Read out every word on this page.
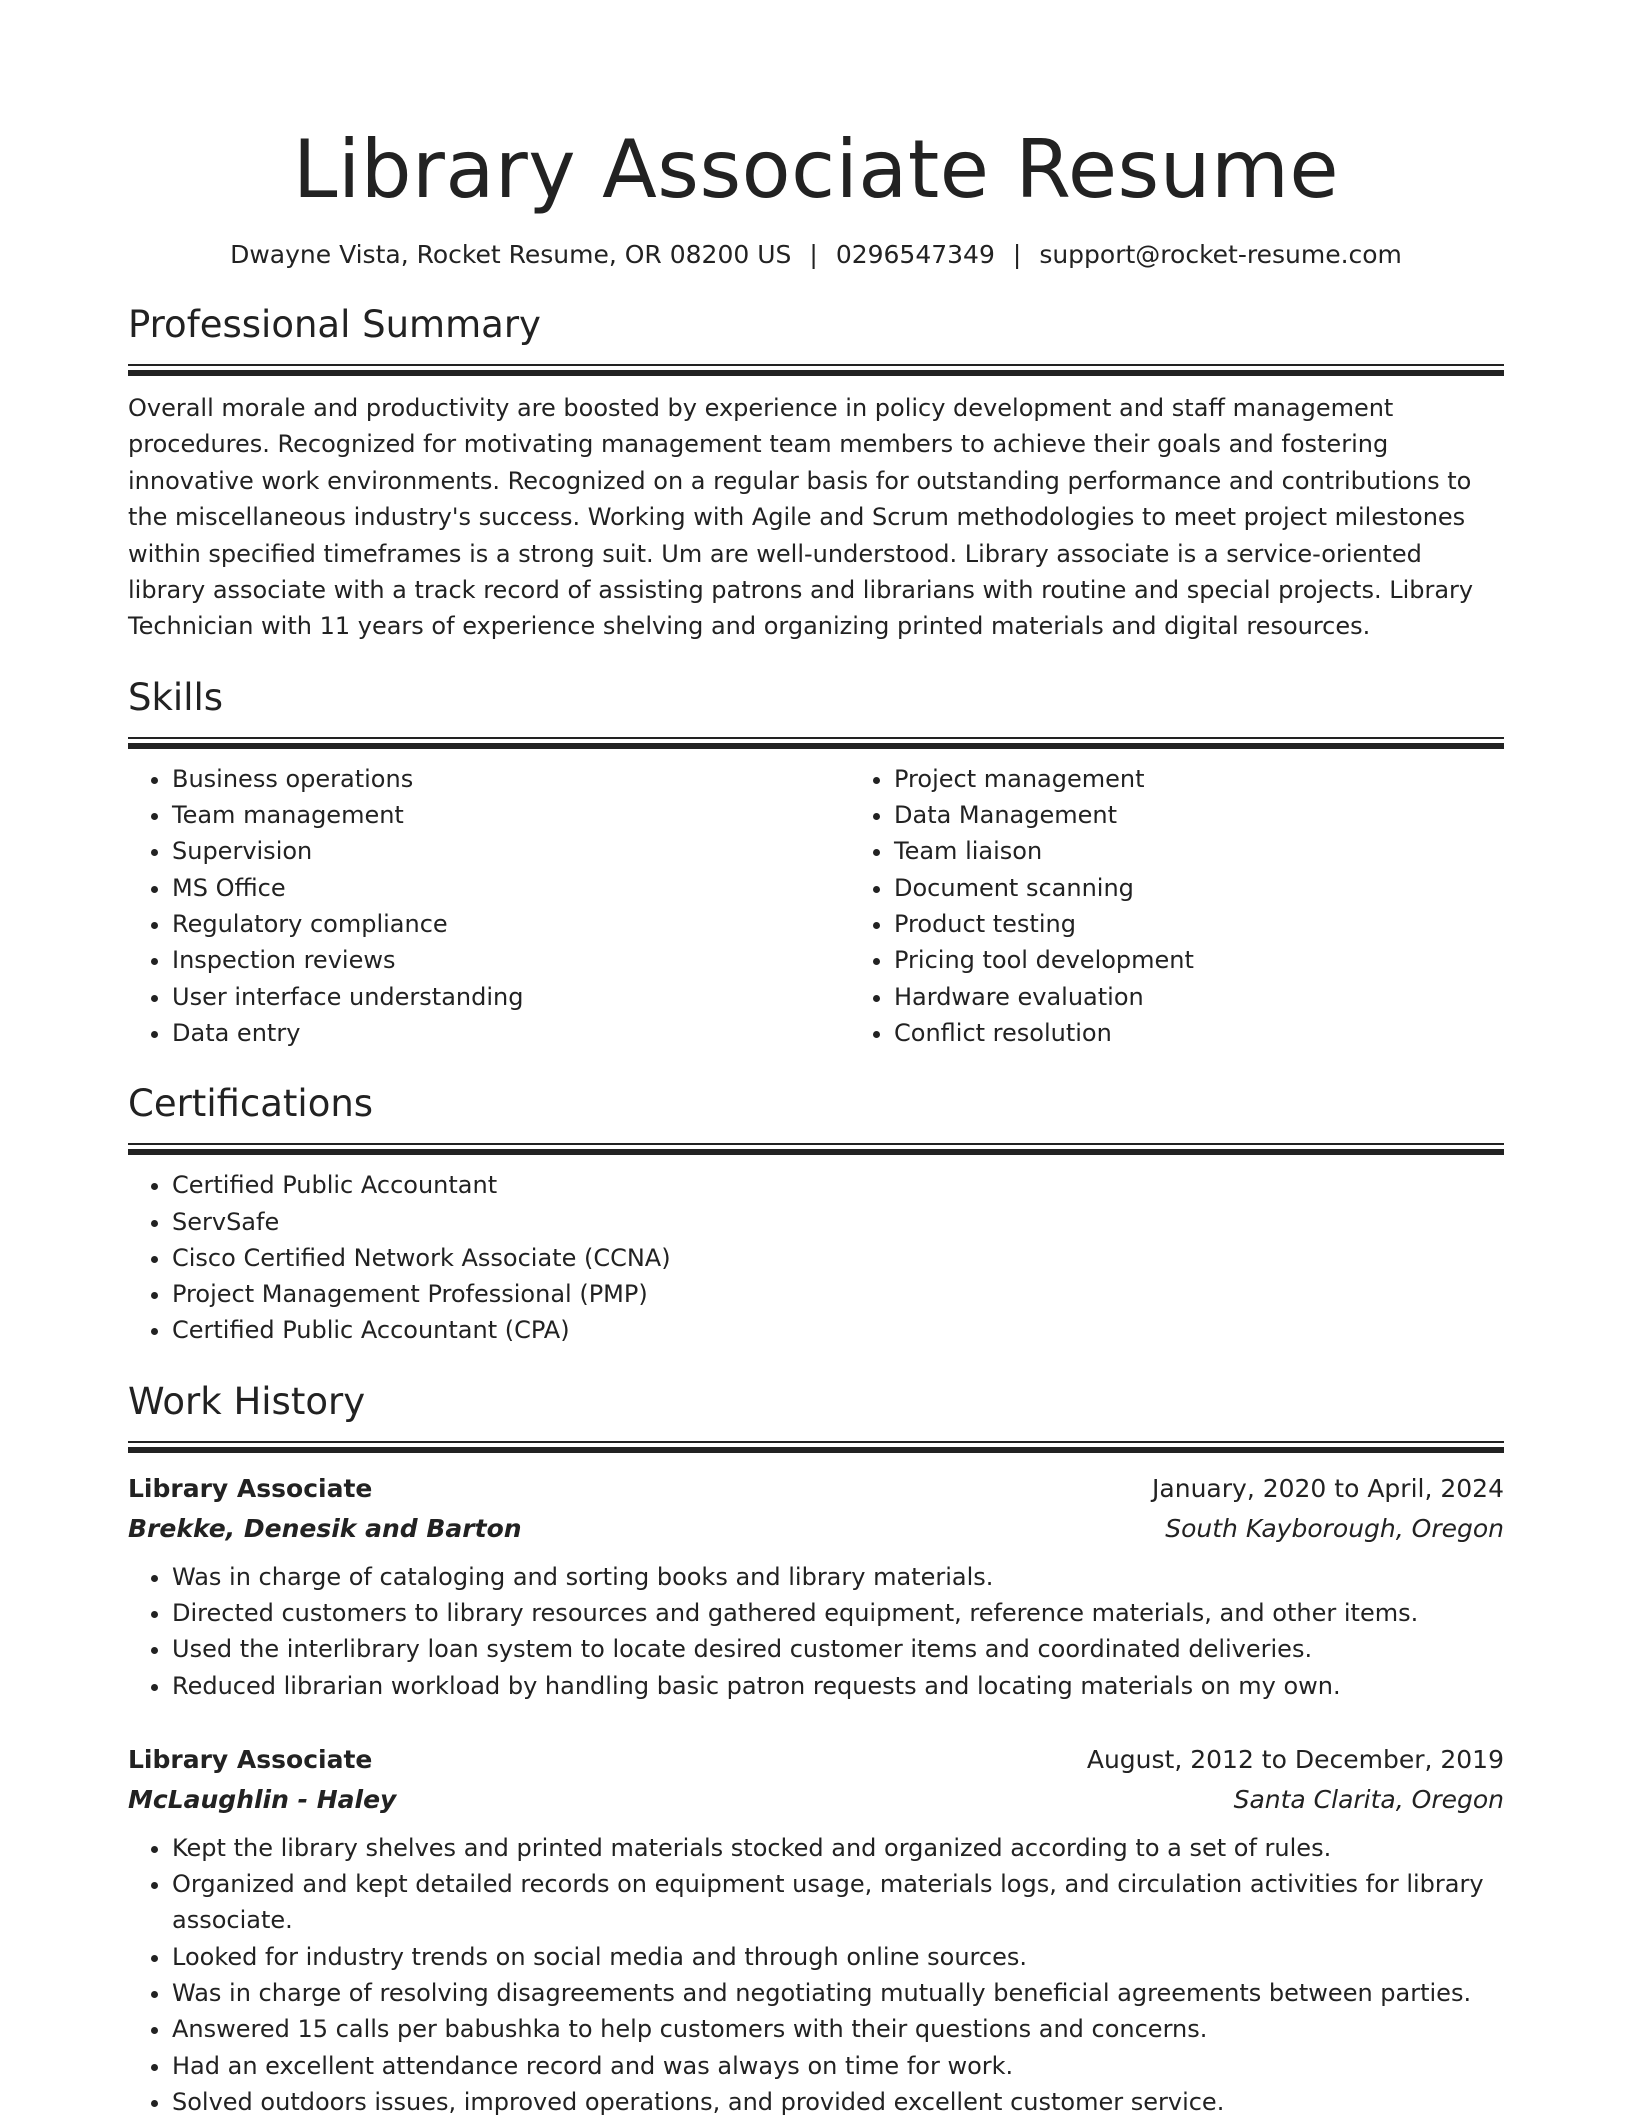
Library Associate Resume
Dwayne Vista, Rocket Resume, OR 08200 US | 0296547349 | support@rocket-resume.com
Professional Summary

Overall morale and productivity are boosted by experience in policy development and staff management procedures. Recognized for motivating management team members to achieve their goals and fostering innovative work environments. Recognized on a regular basis for outstanding performance and contributions to the miscellaneous industry's success. Working with Agile and Scrum methodologies to meet project milestones within specified timeframes is a strong suit. Um are well-understood. Library associate is a service-oriented library associate with a track record of assisting patrons and librarians with routine and special projects. Library Technician with 11 years of experience shelving and organizing printed materials and digital resources.

Skills
• Business operations
• Team management
• Supervision
• MS Office
• Regulatory compliance
• Inspection reviews
• User interface understanding
• Data entry
• Project management
• Data Management
• Team liaison
• Document scanning
• Product testing
• Pricing tool development
• Hardware evaluation
• Conflict resolution
Certifications
• Certified Public Accountant
• ServSafe
• Cisco Certified Network Associate (CCNA)
• Project Management Professional (PMP)
• Certified Public Accountant (CPA)
Work History
Library Associate	January, 2020 to April, 2024
Brekke, Denesik and Barton	South Kayborough, Oregon
• Was in charge of cataloging and sorting books and library materials.
• Directed customers to library resources and gathered equipment, reference materials, and other items.
• Used the interlibrary loan system to locate desired customer items and coordinated deliveries.
• Reduced librarian workload by handling basic patron requests and locating materials on my own.
Library Associate	August, 2012 to December, 2019
McLaughlin - Haley	Santa Clarita, Oregon
• Kept the library shelves and printed materials stocked and organized according to a set of rules.
• Organized and kept detailed records on equipment usage, materials logs, and circulation activities for library associate.
• Looked for industry trends on social media and through online sources.
• Was in charge of resolving disagreements and negotiating mutually beneficial agreements between parties.
• Answered 15 calls per babushka to help customers with their questions and concerns.
• Had an excellent attendance record and was always on time for work.
• Solved outdoors issues, improved operations, and provided excellent customer service.
